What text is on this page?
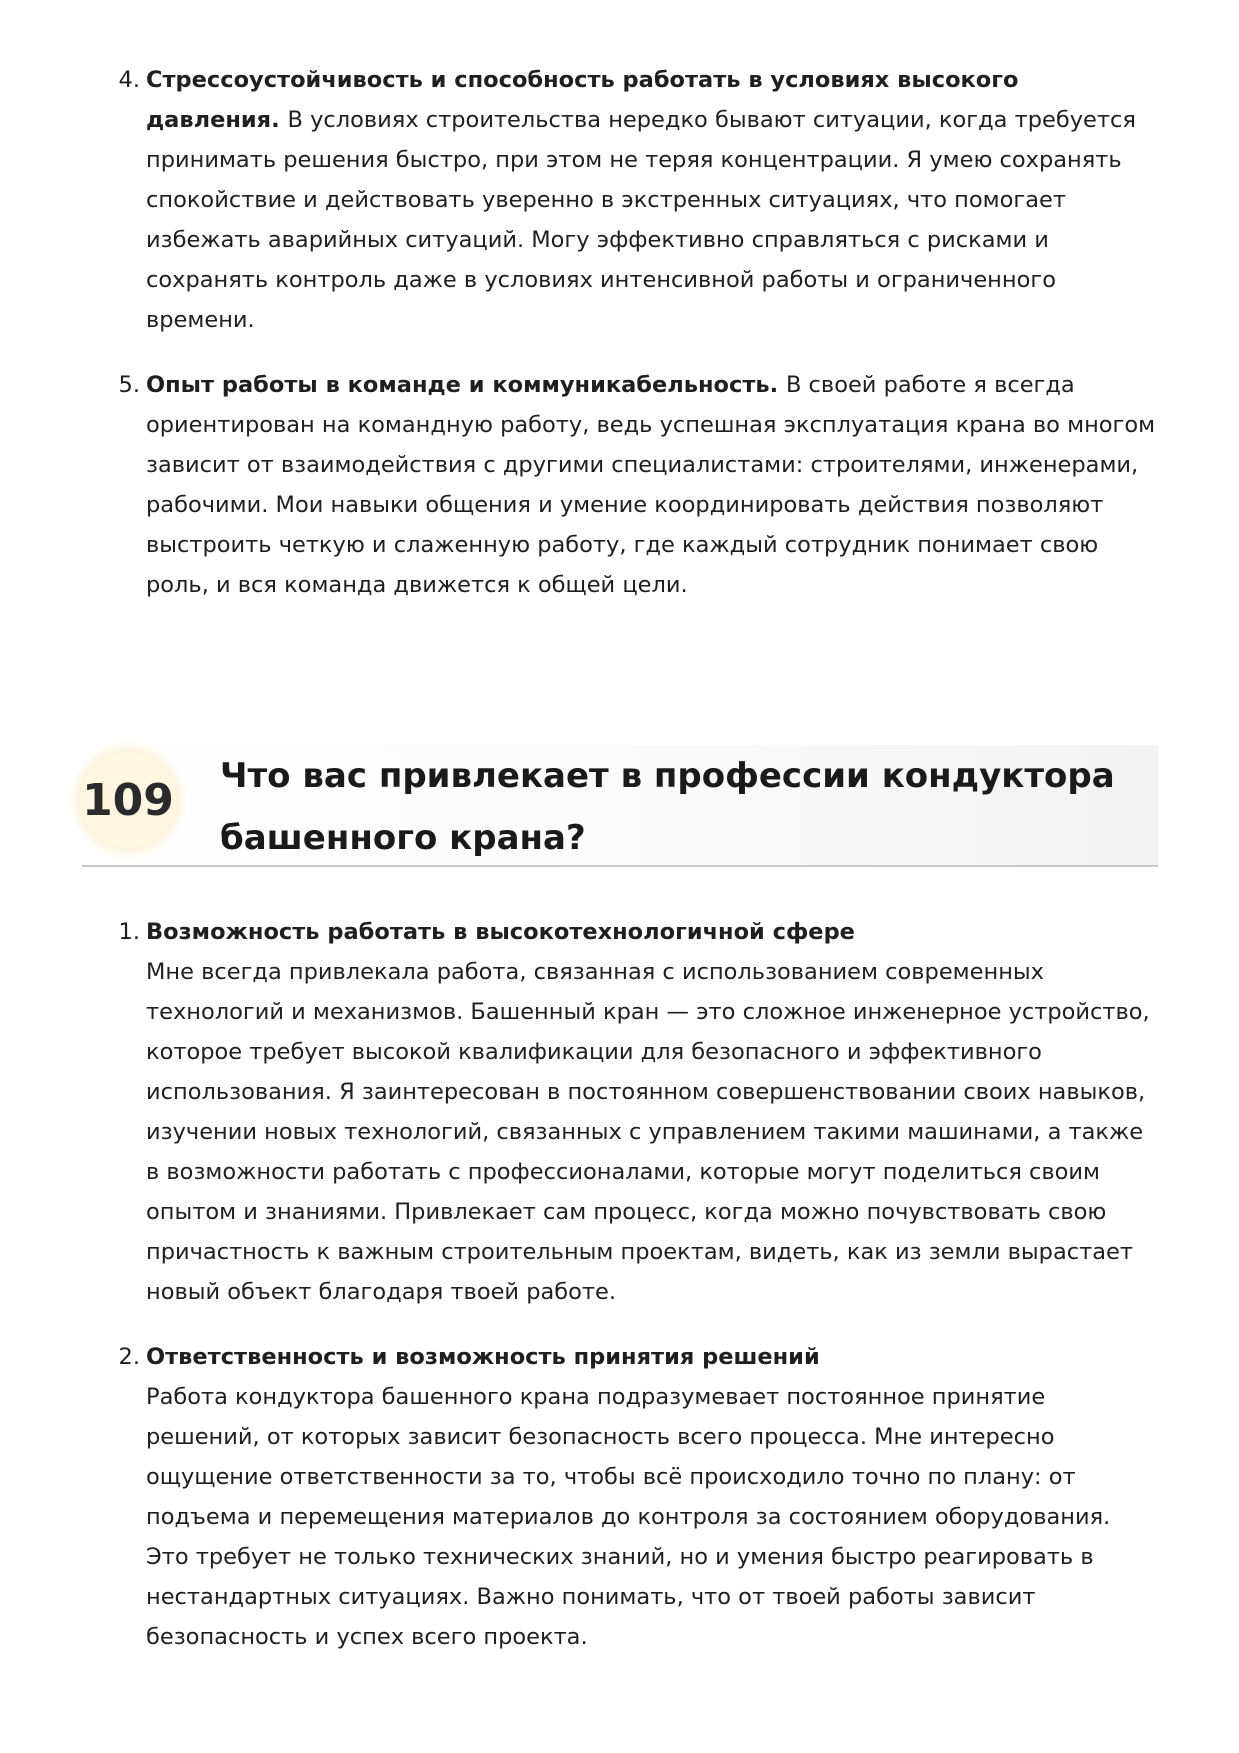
4. Стрессоустойчивость и способность работать в условиях высокого давления. В условиях строительства нередко бывают ситуации, когда требуется принимать решения быстро, при этом не теряя концентрации. Я умею сохранять спокойствие и действовать уверенно в экстренных ситуациях, что помогает избежать аварийных ситуаций. Могу эффективно справляться с рисками и сохранять контроль даже в условиях интенсивной работы и ограниченного времени.
5. Опыт работы в команде и коммуникабельность. В своей работе я всегда ориентирован на командную работу, ведь успешная эксплуатация крана во многом зависит от взаимодействия с другими специалистами: строителями, инженерами, рабочими. Мои навыки общения и умение координировать действия позволяют выстроить четкую и слаженную работу, где каждый сотрудник понимает свою роль, и вся команда движется к общей цели.
109 Что вас привлекает в профессии кондуктора башенного крана?
1. Возможность работать в высокотехнологичной сфере
Мне всегда привлекала работа, связанная с использованием современных технологий и механизмов. Башенный кран — это сложное инженерное устройство, которое требует высокой квалификации для безопасного и эффективного использования. Я заинтересован в постоянном совершенствовании своих навыков, изучении новых технологий, связанных с управлением такими машинами, а также в возможности работать с профессионалами, которые могут поделиться своим опытом и знаниями. Привлекает сам процесс, когда можно почувствовать свою причастность к важным строительным проектам, видеть, как из земли вырастает новый объект благодаря твоей работе.
2. Ответственность и возможность принятия решений
Работа кондуктора башенного крана подразумевает постоянное принятие решений, от которых зависит безопасность всего процесса. Мне интересно ощущение ответственности за то, чтобы всё происходило точно по плану: от подъема и перемещения материалов до контроля за состоянием оборудования. Это требует не только технических знаний, но и умения быстро реагировать в нестандартных ситуациях. Важно понимать, что от твоей работы зависит безопасность и успех всего проекта.
